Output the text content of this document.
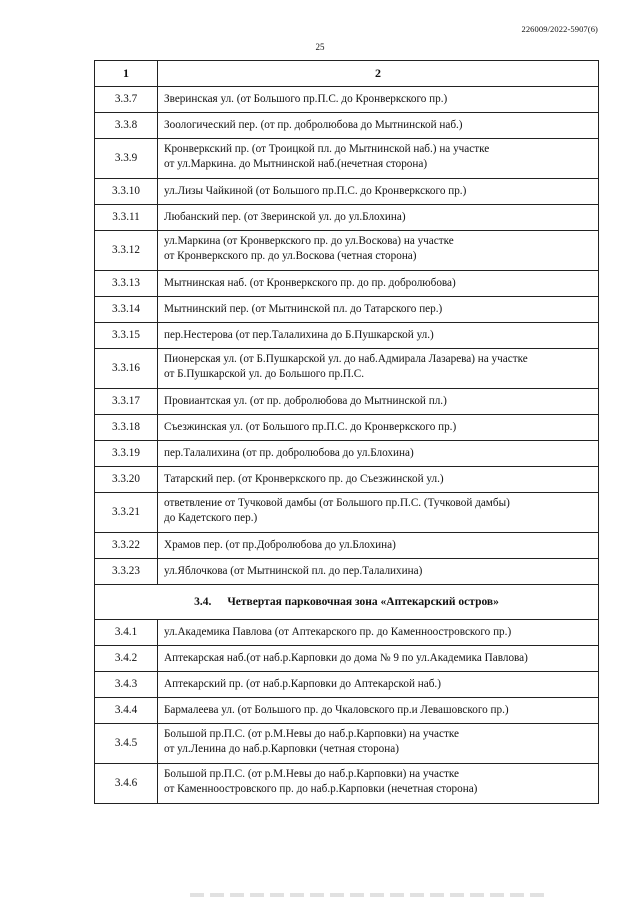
226009/2022-5907(6)
25
1	2
3.3.7	Зверинская ул. (от Большого пр.П.С. до Кронверкского пр.)

3.3.8	Зоологический пер. (от пр. добролюбова до Мытнинской наб.)

3.3.9	Кронверкский пр. (от Троицкой пл. до Мытнинской наб.) на участке
от ул.Маркина. до Мытнинской наб.(нечетная сторона)

3.3.10	ул.Лизы Чайкиной (от Большого пр.П.С. до Кронверкского пр.)

3.3.11	Любанский пер. (от Зверинской ул. до ул.Блохина)

3.3.12	ул.Маркина (от Кронверкского пр. до ул.Воскова) на участке
от Кронверкского пр. до ул.Воскова (четная сторона)

3.3.13	Мытнинская наб. (от Кронверкского пр. до пр. добролюбова)

3.3.14	Мытнинский пер. (от Мытнинской пл. до Татарского пер.)

3.3.15	пер.Нестерова (от пер.Талалихина до Б.Пушкарской ул.)

3.3.16	Пионерская ул. (от Б.Пушкарской ул. до наб.Адмирала Лазарева) на участке
от Б.Пушкарской ул. до Большого пр.П.С.

3.3.17	Провиантская ул. (от пр. добролюбова до Мытнинской пл.)

3.3.18	Съезжинская ул. (от Большого пр.П.С. до Кронверкского пр.)

3.3.19	пер.Талалихина (от пр. добролюбова до ул.Блохина)

3.3.20	Татарский пер. (от Кронверкского пр. до Съезжинской ул.)

3.3.21	ответвление от Тучковой дамбы (от Большого пр.П.С. (Тучковой дамбы)
до Кадетского пер.)

3.3.22	Храмов пер. (от пр.Добролюбова до ул.Блохина)

3.3.23	ул.Яблочкова (от Мытнинской пл. до пер.Талалихина)

3.4. Четвертая парковочная зона «Аптекарский остров»	
3.4.1	ул.Академика Павлова (от Аптекарского пр. до Каменноостровского пр.)

3.4.2	Аптекарская наб.(от наб.р.Карповки до дома № 9 по ул.Академика Павлова)

3.4.3	Аптекарский пр. (от наб.р.Карповки до Аптекарской наб.)

3.4.4	Бармалеева ул. (от Большого пр. до Чкаловского пр.и Левашовского пр.)

3.4.5	Большой пр.П.С. (от р.М.Невы до наб.р.Карповки) на участке
от ул.Ленина до наб.р.Карповки (четная сторона)

3.4.6	Большой пр.П.С. (от р.М.Невы до наб.р.Карповки) на участке
от Каменноостровского пр. до наб.р.Карповки (нечетная сторона)
